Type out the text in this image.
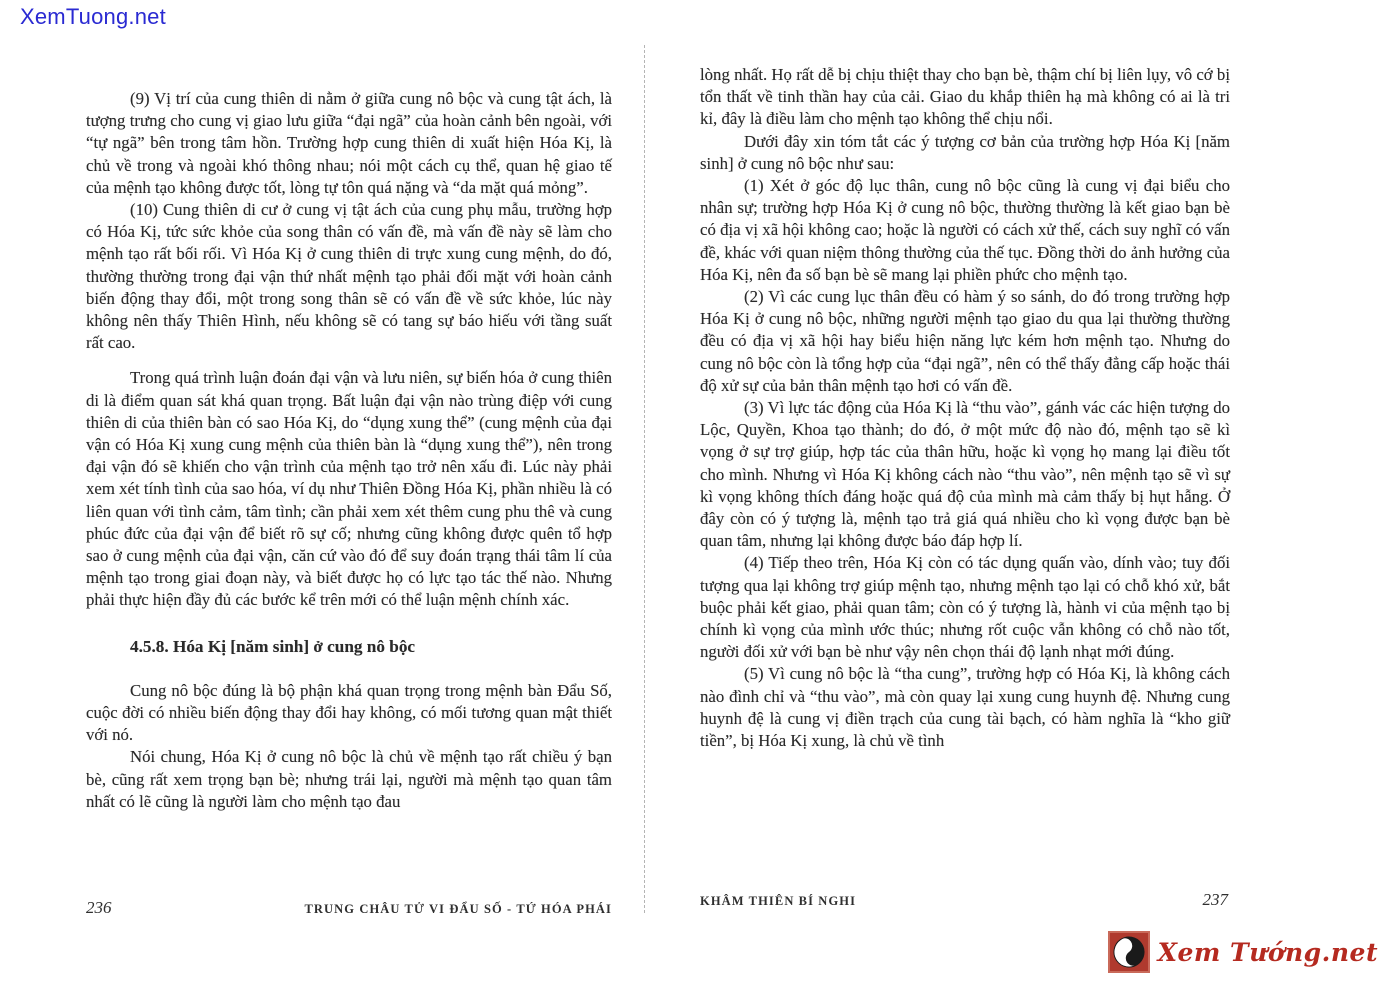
XemTuong.net

(9) Vị trí của cung thiên di nằm ở giữa cung nô bộc và cung tật ách, là tượng trưng cho cung vị giao lưu giữa “đại ngã” của hoàn cảnh bên ngoài, với “tự ngã” bên trong tâm hồn. Trường hợp cung thiên di xuất hiện Hóa Kị, là chủ về trong và ngoài khó thông nhau; nói một cách cụ thể, quan hệ giao tế của mệnh tạo không được tốt, lòng tự tôn quá nặng và “da mặt quá mỏng”.

(10) Cung thiên di cư ở cung vị tật ách của cung phụ mẫu, trường hợp có Hóa Kị, tức sức khỏe của song thân có vấn đề, mà vấn đề này sẽ làm cho mệnh tạo rất bối rối. Vì Hóa Kị ở cung thiên di trực xung cung mệnh, do đó, thường thường trong đại vận thứ nhất mệnh tạo phải đối mặt với hoàn cảnh biến động thay đổi, một trong song thân sẽ có vấn đề về sức khỏe, lúc này không nên thấy Thiên Hình, nếu không sẽ có tang sự báo hiếu với tầng suất rất cao.

Trong quá trình luận đoán đại vận và lưu niên, sự biến hóa ở cung thiên di là điểm quan sát khá quan trọng. Bất luận đại vận nào trùng điệp với cung thiên di của thiên bàn có sao Hóa Kị, do “dụng xung thể” (cung mệnh của đại vận có Hóa Kị xung cung mệnh của thiên bàn là “dụng xung thể”), nên trong đại vận đó sẽ khiến cho vận trình của mệnh tạo trở nên xấu đi. Lúc này phải xem xét tính tình của sao hóa, ví dụ như Thiên Đồng Hóa Kị, phần nhiều là có liên quan với tình cảm, tâm tình; cần phải xem xét thêm cung phu thê và cung phúc đức của đại vận để biết rõ sự cố; nhưng cũng không được quên tổ hợp sao ở cung mệnh của đại vận, căn cứ vào đó để suy đoán trạng thái tâm lí của mệnh tạo trong giai đoạn này, và biết được họ có lực tạo tác thế nào. Nhưng phải thực hiện đầy đủ các bước kể trên mới có thể luận mệnh chính xác.

4.5.8. Hóa Kị [năm sinh] ở cung nô bộc

Cung nô bộc đúng là bộ phận khá quan trọng trong mệnh bàn Đẩu Số, cuộc đời có nhiều biến động thay đổi hay không, có mối tương quan mật thiết với nó.

Nói chung, Hóa Kị ở cung nô bộc là chủ về mệnh tạo rất chiều ý bạn bè, cũng rất xem trọng bạn bè; nhưng trái lại, người mà mệnh tạo quan tâm nhất có lẽ cũng là người làm cho mệnh tạo đau

lòng nhất. Họ rất dễ bị chịu thiệt thay cho bạn bè, thậm chí bị liên lụy, vô cớ bị tổn thất về tinh thần hay của cải. Giao du khắp thiên hạ mà không có ai là tri kỉ, đây là điều làm cho mệnh tạo không thể chịu nổi.

Dưới đây xin tóm tắt các ý tượng cơ bản của trường hợp Hóa Kị [năm sinh] ở cung nô bộc như sau:

(1) Xét ở góc độ lục thân, cung nô bộc cũng là cung vị đại biểu cho nhân sự; trường hợp Hóa Kị ở cung nô bộc, thường thường là kết giao bạn bè có địa vị xã hội không cao; hoặc là người có cách xử thế, cách suy nghĩ có vấn đề, khác với quan niệm thông thường của thế tục. Đồng thời do ảnh hưởng của Hóa Kị, nên đa số bạn bè sẽ mang lại phiền phức cho mệnh tạo.

(2) Vì các cung lục thân đều có hàm ý so sánh, do đó trong trường hợp Hóa Kị ở cung nô bộc, những người mệnh tạo giao du qua lại thường thường đều có địa vị xã hội hay biểu hiện năng lực kém hơn mệnh tạo. Nhưng do cung nô bộc còn là tổng hợp của “đại ngã”, nên có thể thấy đẳng cấp hoặc thái độ xử sự của bản thân mệnh tạo hơi có vấn đề.

(3) Vì lực tác động của Hóa Kị là “thu vào”, gánh vác các hiện tượng do Lộc, Quyền, Khoa tạo thành; do đó, ở một mức độ nào đó, mệnh tạo sẽ kì vọng ở sự trợ giúp, hợp tác của thân hữu, hoặc kì vọng họ mang lại điều tốt cho mình. Nhưng vì Hóa Kị không cách nào “thu vào”, nên mệnh tạo sẽ vì sự kì vọng không thích đáng hoặc quá độ của mình mà cảm thấy bị hụt hẫng. Ở đây còn có ý tượng là, mệnh tạo trả giá quá nhiều cho kì vọng được bạn bè quan tâm, nhưng lại không được báo đáp hợp lí.

(4) Tiếp theo trên, Hóa Kị còn có tác dụng quấn vào, dính vào; tuy đối tượng qua lại không trợ giúp mệnh tạo, nhưng mệnh tạo lại có chỗ khó xử, bắt buộc phải kết giao, phải quan tâm; còn có ý tượng là, hành vi của mệnh tạo bị chính kì vọng của mình ước thúc; nhưng rốt cuộc vẫn không có chỗ nào tốt, người đối xử với bạn bè như vậy nên chọn thái độ lạnh nhạt mới đúng.

(5) Vì cung nô bộc là “tha cung”, trường hợp có Hóa Kị, là không cách nào đình chỉ và “thu vào”, mà còn quay lại xung cung huynh đệ. Nhưng cung huynh đệ là cung vị điền trạch của cung tài bạch, có hàm nghĩa là “kho giữ tiền”, bị Hóa Kị xung, là chủ về tình

236	TRUNG CHÂU TỬ VI ĐẨU SỐ - TỨ HÓA PHÁI
KHÂM THIÊN BÍ NGHI	237
Xem Tướng.net
